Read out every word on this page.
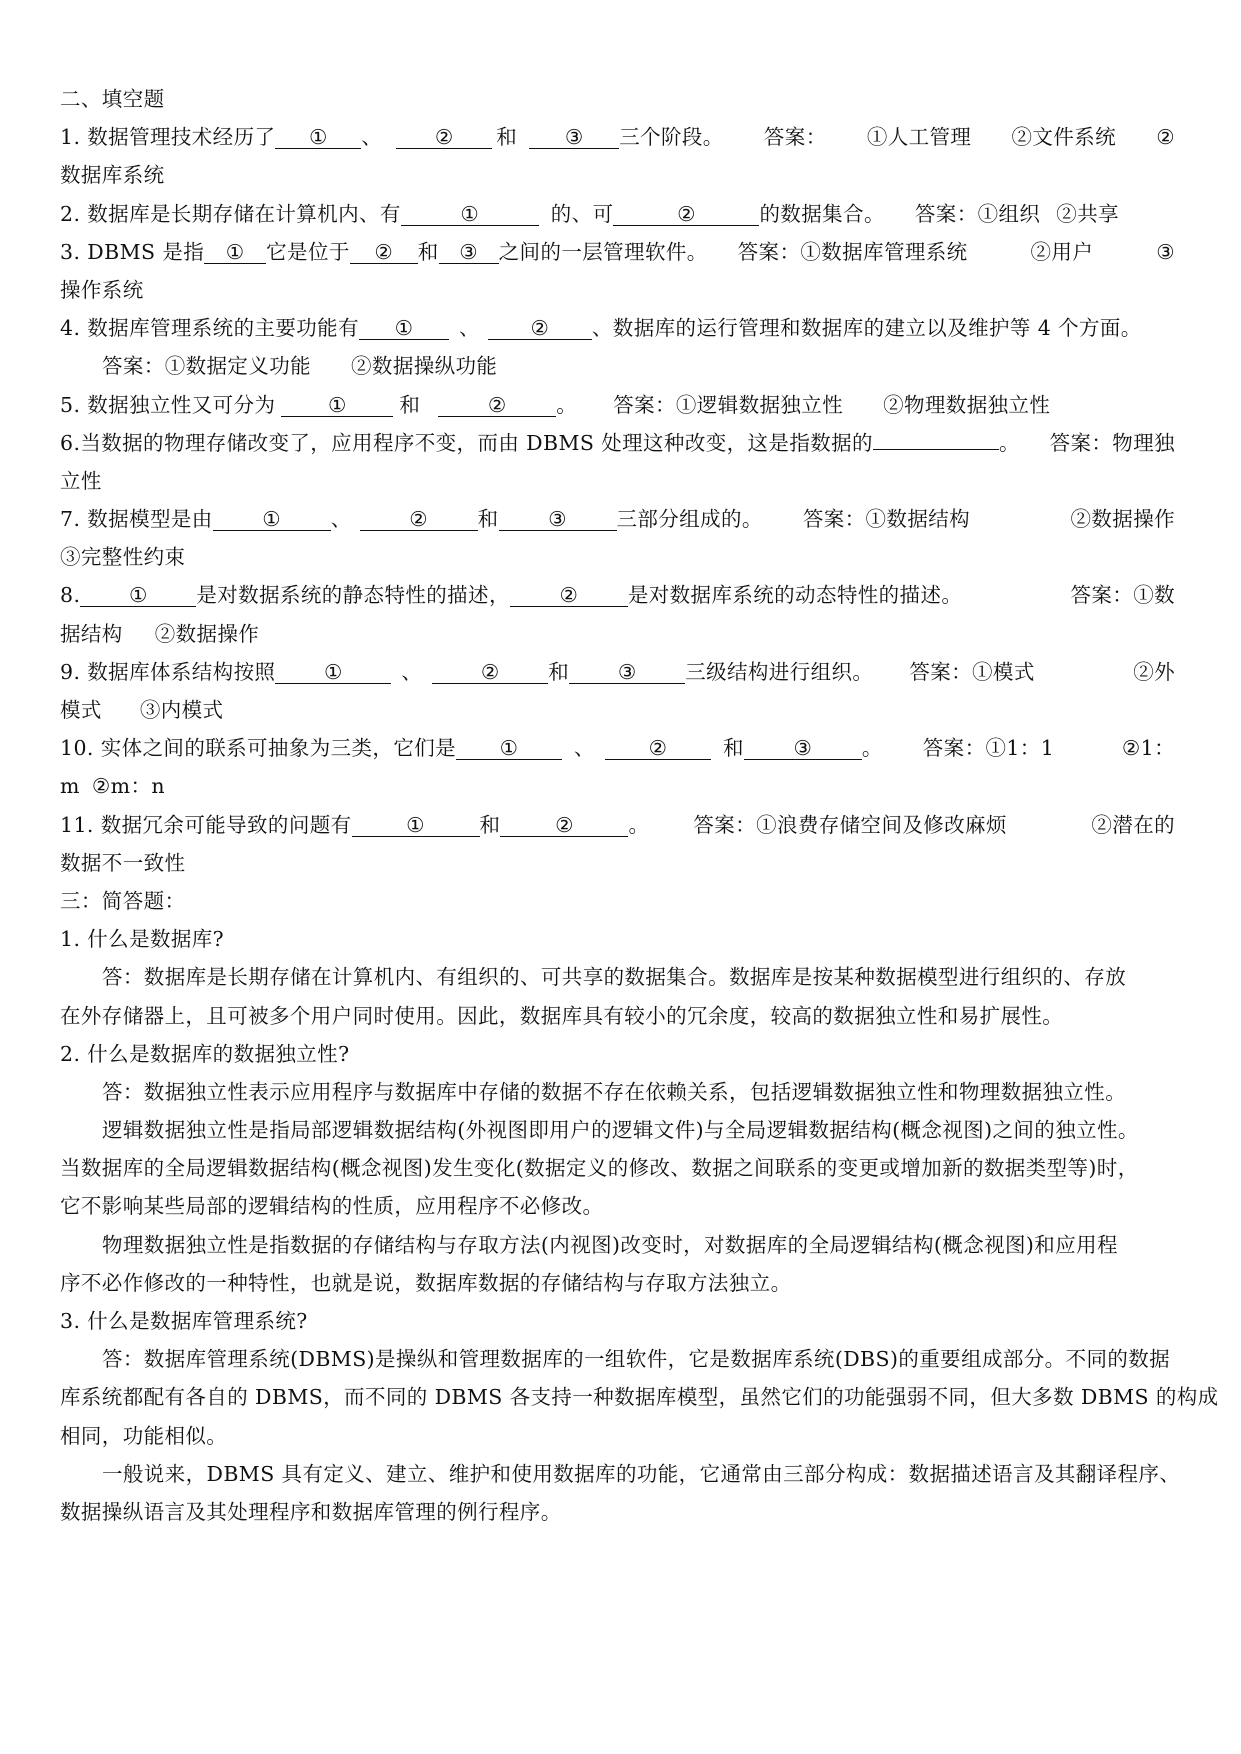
二、填空题
1. 数据管理技术经历了 ① 、	② 和 ③ 三个阶段。 答案： ①人工管理 ②文件系统 ②
数据库系统
2. 数据库是长期存储在计算机内、有	①	的、可	②	的数据集合。 答案：①组织 ②共享
3. DBMS 是指 ① 它是位于 ② 和 ③ 之间的一层管理软件。 答案：①数据库管理系统	②用户	③
操作系统
4. 数据库管理系统的主要功能有 ① 、 ② 、数据库的运行管理和数据库的建立以及维护等 4 个方面。
答案：①数据定义功能 ②数据操纵功能
5. 数据独立性又可分为	①	和	② 。 答案：①逻辑数据独立性 ②物理数据独立性
6.当数据的物理存储改变了，应用程序不变，而由 DBMS 处理这种改变，这是指数据的	。 答案：物理独
立性
7. 数据模型是由 ① 、	② 和 ③ 三部分组成的。 答案：①数据结构	②数据操作
③完整性约束
8. ① 是对数据系统的静态特性的描述， ② 是对数据库系统的动态特性的描述。	答案：①数
据结构 ②数据操作
9. 数据库体系结构按照 ①	、	② 和 ③ 三级结构进行组织。 答案：①模式	②外
模式 ③内模式
10. 实体之间的联系可抽象为三类，它们是 ①	、	②	和 ③ 。 答案：①1：1	②1：
m ②m：n
11. 数据冗余可能导致的问题有	①	和	②	。 答案：①浪费存储空间及修改麻烦	②潜在的
数据不一致性
三：简答题：
1. 什么是数据库?
答：数据库是长期存储在计算机内、有组织的、可共享的数据集合。数据库是按某种数据模型进行组织的、存放
在外存储器上，且可被多个用户同时使用。因此，数据库具有较小的冗余度，较高的数据独立性和易扩展性。
2. 什么是数据库的数据独立性?
答：数据独立性表示应用程序与数据库中存储的数据不存在依赖关系，包括逻辑数据独立性和物理数据独立性。
逻辑数据独立性是指局部逻辑数据结构(外视图即用户的逻辑文件)与全局逻辑数据结构(概念视图)之间的独立性。
当数据库的全局逻辑数据结构(概念视图)发生变化(数据定义的修改、数据之间联系的变更或增加新的数据类型等)时，
它不影响某些局部的逻辑结构的性质，应用程序不必修改。
物理数据独立性是指数据的存储结构与存取方法(内视图)改变时，对数据库的全局逻辑结构(概念视图)和应用程
序不必作修改的一种特性，也就是说，数据库数据的存储结构与存取方法独立。
3. 什么是数据库管理系统?
答：数据库管理系统(DBMS)是操纵和管理数据库的一组软件，它是数据库系统(DBS)的重要组成部分。不同的数据
库系统都配有各自的 DBMS，而不同的 DBMS 各支持一种数据库模型，虽然它们的功能强弱不同，但大多数 DBMS 的构成
相同，功能相似。
一般说来，DBMS 具有定义、建立、维护和使用数据库的功能，它通常由三部分构成：数据描述语言及其翻译程序、
数据操纵语言及其处理程序和数据库管理的例行程序。
